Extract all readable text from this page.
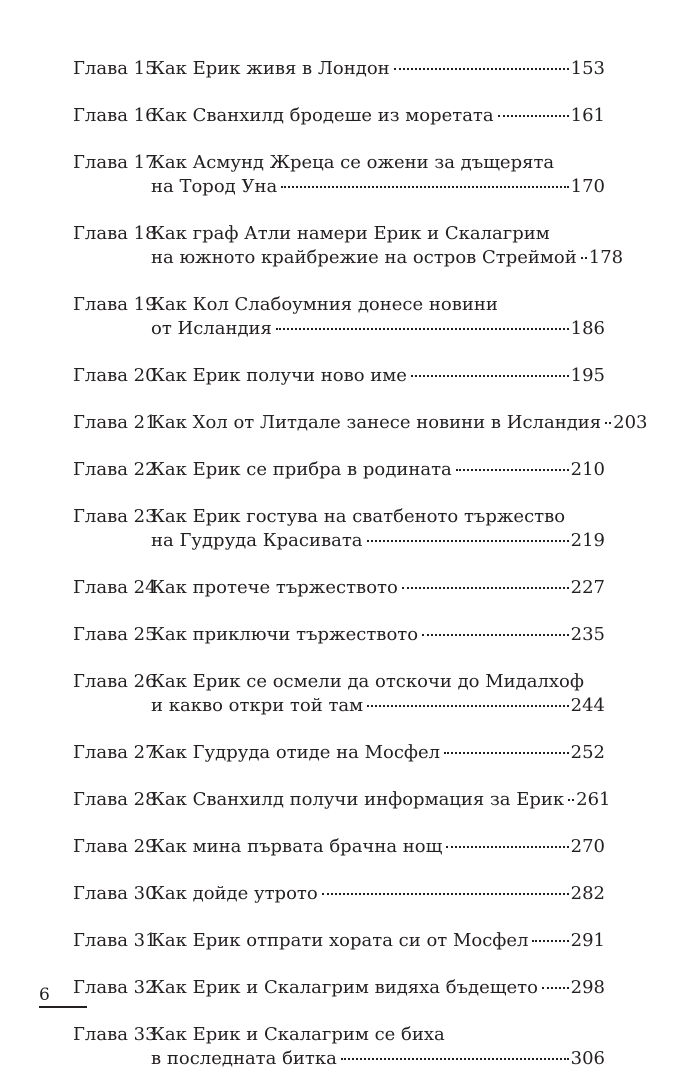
Глава 15
Как Ерик живя в Лондон	153
Глава 16
Как Сванхилд бродеше из моретата	161
Глава 17
Как Асмунд Жреца се ожени за дъщерята
на Тород Уна	170
Глава 18
Как граф Атли намери Ерик и Скалагрим
на южното крайбрежие на остров Стреймой 178
Глава 19
Как Кол Слабоумния донесе новини
от Исландия	186
Глава 20
Как Ерик получи ново име	195
Глава 21
Как Хол от Литдале занесе новини в Исландия 203
Глава 22
Как Ерик се прибра в родината	210
Глава 23
Как Ерик гостува на сватбеното тържество
на Гудруда Красивата	219
Глава 24
Как протече тържеството	227
Глава 25
Как приключи тържеството	235
Глава 26
Как Ерик се осмели да отскочи до Мидалхоф
и какво откри той там	244
Глава 27
Как Гудруда отиде на Мосфел	252
Глава 28
Как Сванхилд получи информация за Ерик 261
Глава 29
Как мина първата брачна нощ	270
Глава 30
Как дойде утрото	282
Глава 31
Как Ерик отпрати хората си от Мосфел 291
Глава 32
Как Ерик и Скалагрим видяха бъдещето 298
Глава 33
Как Ерик и Скалагрим се биха
в последната битка	306
6
